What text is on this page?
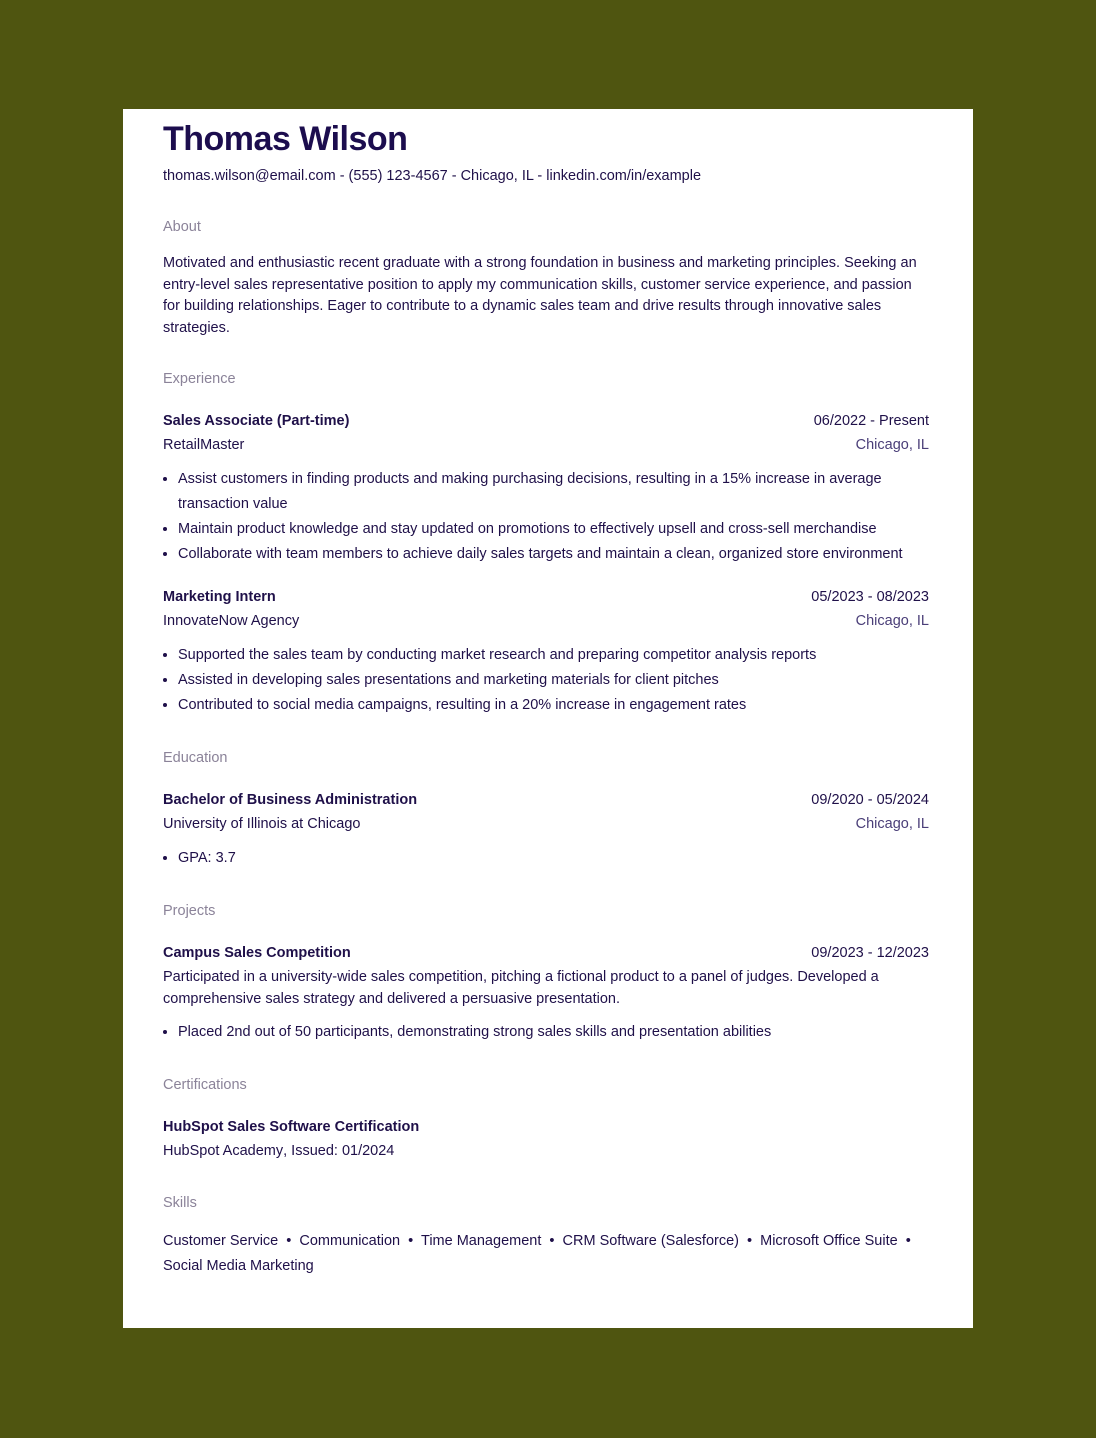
Thomas Wilson
thomas.wilson@email.com - (555) 123-4567 - Chicago, IL - linkedin.com/in/example
About
Motivated and enthusiastic recent graduate with a strong foundation in business and marketing principles. Seeking an entry-level sales representative position to apply my communication skills, customer service experience, and passion for building relationships. Eager to contribute to a dynamic sales team and drive results through innovative sales strategies.
Experience
Sales Associate (Part-time)	06/2022 - Present
RetailMaster	Chicago, IL
• Assist customers in finding products and making purchasing decisions, resulting in a 15% increase in average transaction value
• Maintain product knowledge and stay updated on promotions to effectively upsell and cross-sell merchandise
• Collaborate with team members to achieve daily sales targets and maintain a clean, organized store environment
Marketing Intern	05/2023 - 08/2023
InnovateNow Agency	Chicago, IL
• Supported the sales team by conducting market research and preparing competitor analysis reports
• Assisted in developing sales presentations and marketing materials for client pitches
• Contributed to social media campaigns, resulting in a 20% increase in engagement rates
Education
Bachelor of Business Administration	09/2020 - 05/2024
University of Illinois at Chicago	Chicago, IL
• GPA: 3.7
Projects
Campus Sales Competition	09/2023 - 12/2023
Participated in a university-wide sales competition, pitching a fictional product to a panel of judges. Developed a comprehensive sales strategy and delivered a persuasive presentation.
• Placed 2nd out of 50 participants, demonstrating strong sales skills and presentation abilities
Certifications
HubSpot Sales Software Certification
HubSpot Academy , Issued: 01/2024
Skills
Customer Service • Communication • Time Management • CRM Software (Salesforce) • Microsoft Office Suite • Social Media Marketing
